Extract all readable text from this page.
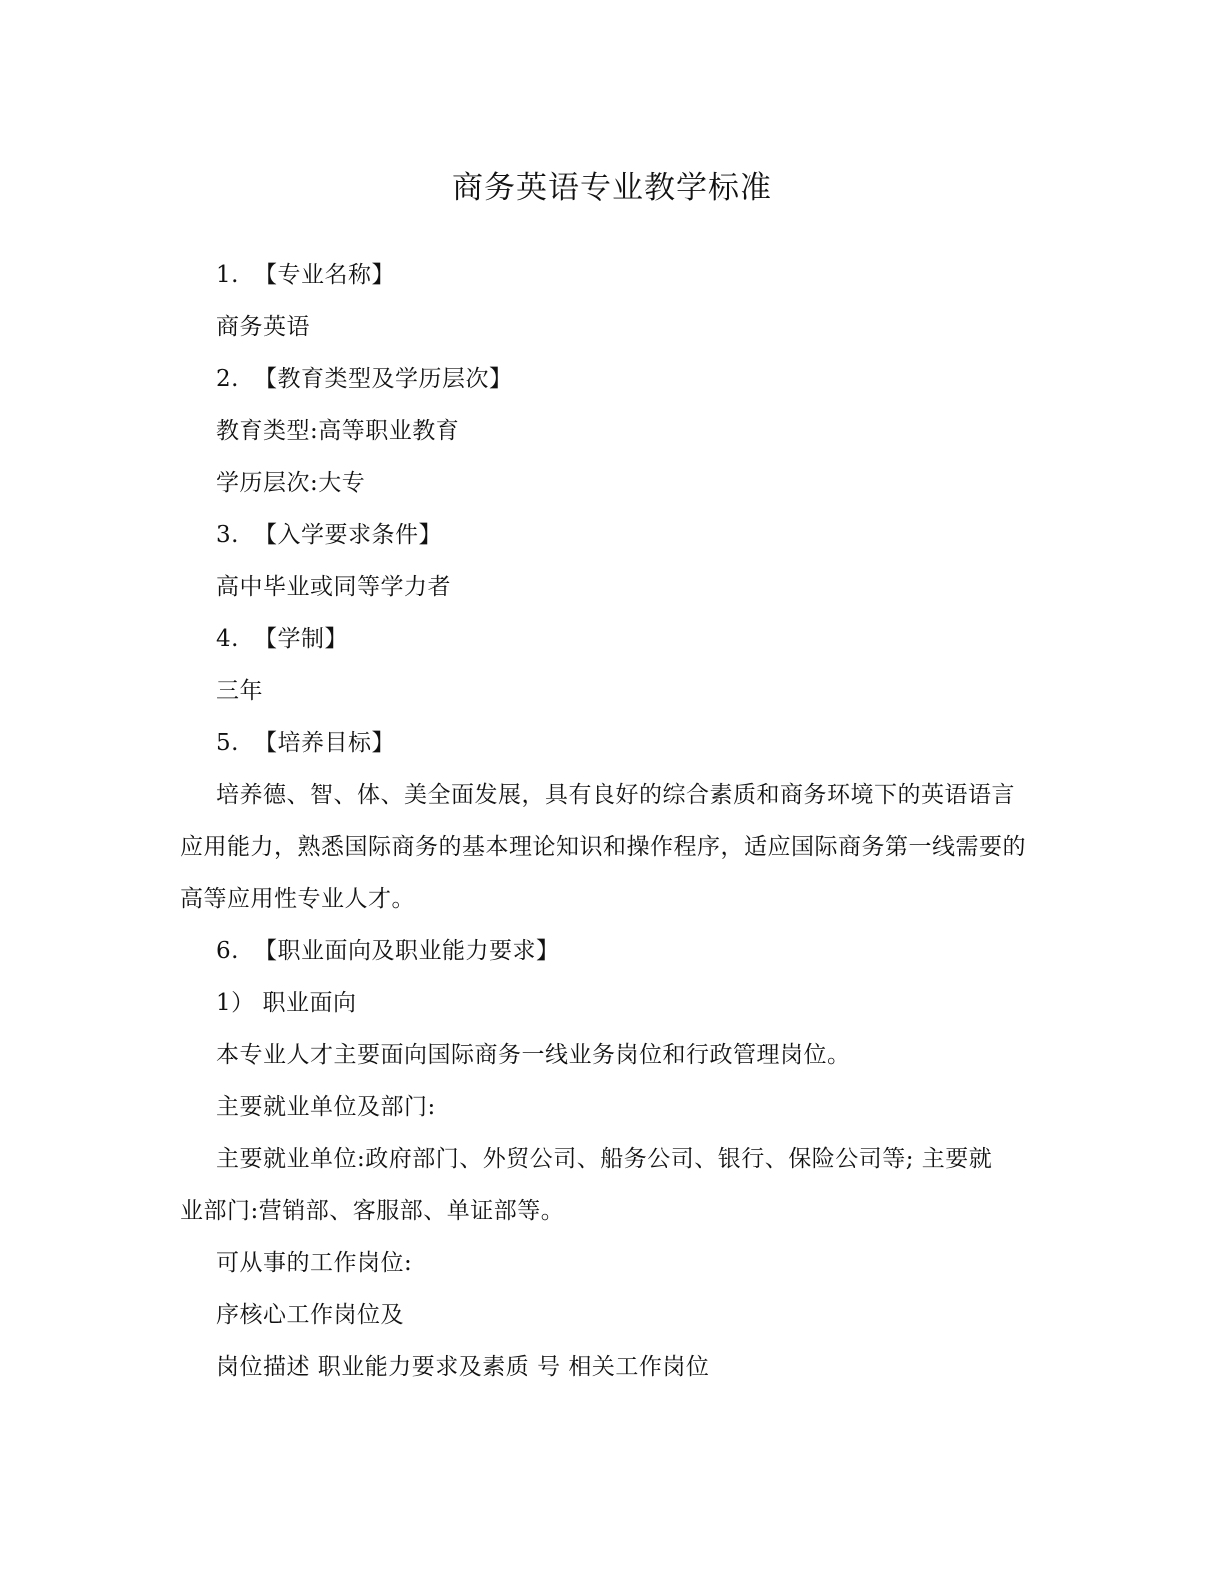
商务英语专业教学标准
1. 【专业名称】
商务英语
2. 【教育类型及学历层次】
教育类型:高等职业教育
学历层次:大专
3. 【入学要求条件】
高中毕业或同等学力者
4. 【学制】
三年
5. 【培养目标】
培养德、智、体、美全面发展，具有良好的综合素质和商务环境下的英语语言
应用能力，熟悉国际商务的基本理论知识和操作程序，适应国际商务第一线需要的
高等应用性专业人才。
6. 【职业面向及职业能力要求】
1） 职业面向
本专业人才主要面向国际商务一线业务岗位和行政管理岗位。
主要就业单位及部门:
主要就业单位:政府部门、外贸公司、船务公司、银行、保险公司等; 主要就
业部门:营销部、客服部、单证部等。
可从事的工作岗位:
序核心工作岗位及
岗位描述 职业能力要求及素质 号 相关工作岗位
